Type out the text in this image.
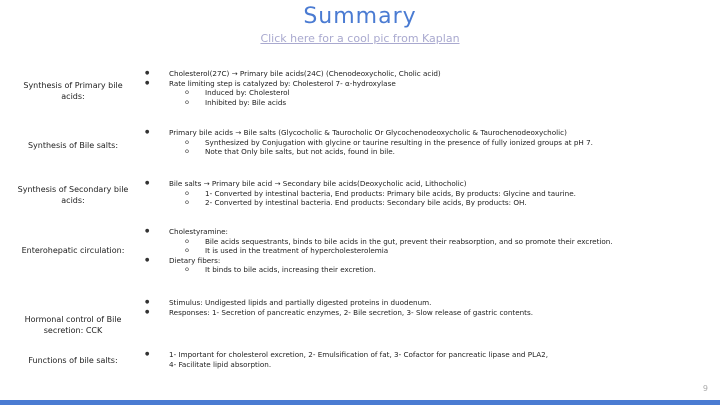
Summary
Click here for a cool pic from Kaplan
Synthesis of Primary bile acids:
● Cholesterol(27C) → Primary bile acids(24C) (Chenodeoxycholic, Cholic acid)
● Rate limiting step is catalyzed by: Cholesterol 7- α-hydroxylase
o Induced by: Cholesterol
o Inhibited by: Bile acids
Synthesis of Bile salts:
● Primary bile acids → Bile salts (Glycocholic & Taurocholic Or Glycochenodeoxycholic & Taurochenodeoxycholic)
o Synthesized by Conjugation with glycine or taurine resulting in the presence of fully ionized groups at pH 7.
o Note that Only bile salts, but not acids, found in bile.
Synthesis of Secondary bile acids:
● Bile salts → Primary bile acid → Secondary bile acids(Deoxycholic acid, Lithocholic)
o 1- Converted by intestinal bacteria, End products: Primary bile acids, By products: Glycine and taurine.
o 2- Converted by intestinal bacteria. End products: Secondary bile acids, By products: OH.
Enterohepatic circulation:
● Cholestyramine:
o Bile acids sequestrants, binds to bile acids in the gut, prevent their reabsorption, and so promote their excretion.
o It is used in the treatment of hypercholesterolemia
● Dietary fibers:
o It binds to bile acids, increasing their excretion.
Hormonal control of Bile secretion: CCK
● Stimulus: Undigested lipids and partially digested proteins in duodenum.
● Responses: 1- Secretion of pancreatic enzymes, 2- Bile secretion, 3- Slow release of gastric contents.
Functions of bile salts:
● 1- Important for cholesterol excretion, 2- Emulsification of fat, 3- Cofactor for pancreatic lipase and PLA2,
4- Facilitate lipid absorption.
9
